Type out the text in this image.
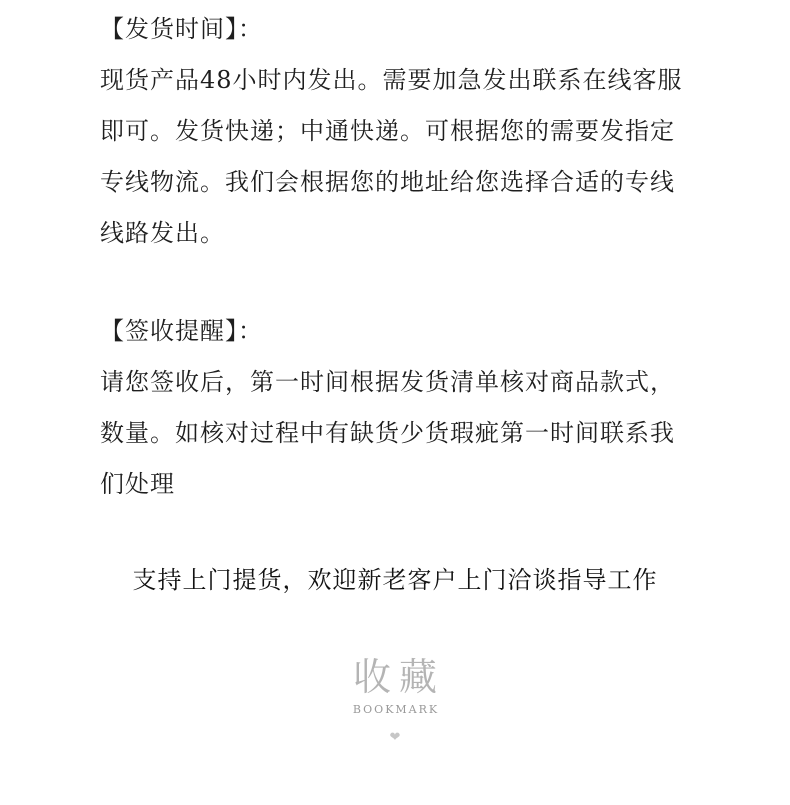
【发货时间】：
现货产品48小时内发出。需要加急发出联系在线客服
即可。发货快递；中通快递。可根据您的需要发指定
专线物流。我们会根据您的地址给您选择合适的专线
线路发出。
【签收提醒】：
请您签收后，第一时间根据发货清单核对商品款式，
数量。如核对过程中有缺货少货瑕疵第一时间联系我
们处理
支持上门提货，欢迎新老客户上门洽谈指导工作
收藏
BOOKMARK
❤
